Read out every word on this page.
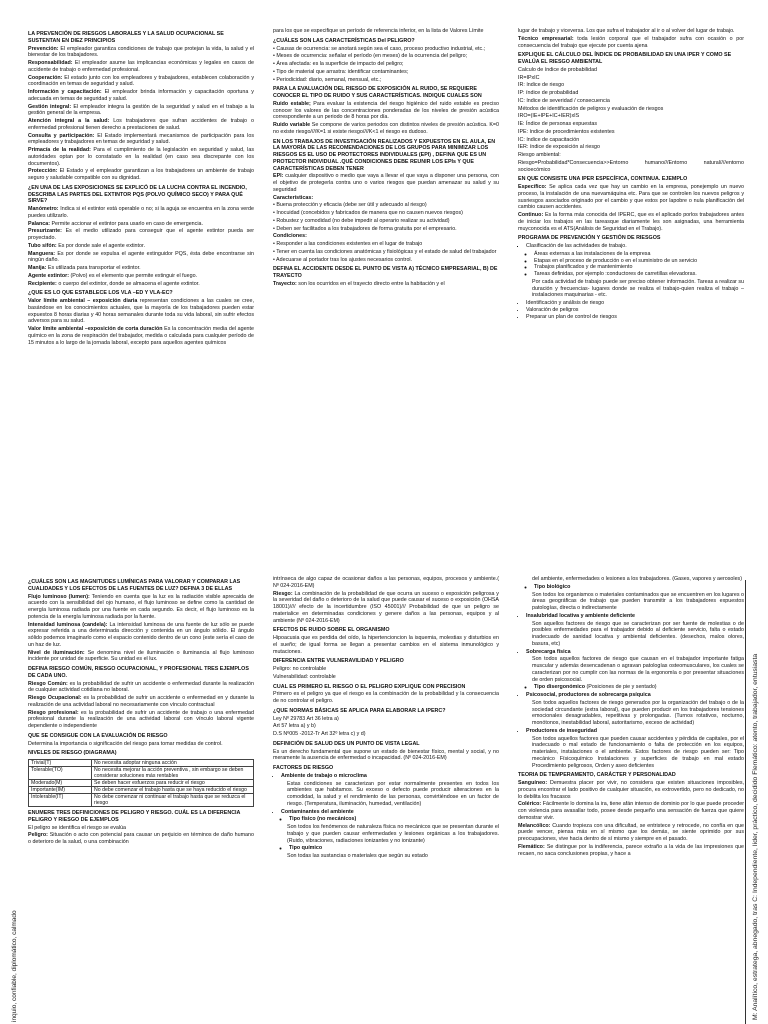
LA PREVENCIÓN DE RIESGOS LABORALES Y LA SALUD OCUPACIONAL SE SUSTENTAN EN DIEZ PRINCIPIOS

Prevención: El empleador garantiza condiciones de trabajo que protejan la vida, la salud y el bienestar de los trabajadores.

Responsabilidad: El empleador asume las implicancias económicas y legales en casos de accidente de trabajo o enfermedad profesional.

Cooperación: El estado junto con los empleadores y trabajadores, establecen colaboración y coordinación en temas de seguridad y salud.

Información y capacitación: El empleador brinda información y capacitación oportuna y adecuada en temas de seguridad y salud.

Gestión integral: El empleador integra la gestión de la seguridad y salud en el trabajo a la gestión general de la empresa.

Atención integral a la salud: Los trabajadores que sufran accidentes de trabajo o enfermedad profesional tienen derecho a prestaciones de salud.

Consulta y participación: El Estado implementará mecanismos de participación para los empleadores y trabajadores en temas de seguridad y salud.

Primacía de la realidad: Para el cumplimiento de la legislación en seguridad y salud, las autoridades optan por lo constatado en la realidad (en caso sea discrepante con los documentos).

Protección: El Estado y el empleador garantizan a los trabajadores un ambiente de trabajo seguro y saludable compatible con su dignidad.

¿EN UNA DE LAS EXPOSICIONES SE EXPLICÓ DE LA LUCHA CONTRA EL INCENDIO, DESCRIBA LAS PARTES DEL EXTINTOR PQS (POLVO QUÍMICO SECO) Y PARA QUÉ SIRVE?

Manómetro: Indica si el extintor está operable o no; si la aguja se encuentra en la zona verde puedes utilizarlo.

Palanca: Permite accionar el extintor para usarlo en caso de emergencia.

Presurizante: Es el medio utilizado para conseguir que el agente extintor pueda ser proyectado.

Tubo sifón: Es por donde sale el agente extintor.

Manguera: Es por donde se expulsa el agente extinguidor PQS, ésta debe encontrarse sin ningún daño.

Manija: Es utilizada para transportar el extintor.

Agente extintor: (Polvo) es el elemento que permite extinguir el fuego.

Recipiente: o cuerpo del extintor, donde se almacena el agente extintor.

¿QUE ES LO QUE ESTABLECE LOS VLA –ED Y VLA-EC?

Valor límite ambiental – exposición diaria representan condiciones a las cuales se cree, basándose en los conocimientos actuales, que la mayoría de los trabajadores pueden estar expuestos 8 horas diarias y 40 horas semanales durante toda su vida laboral, sin sufrir efectos adversos para su salud.

Valor límite ambiental –exposición de corta duración Es la concentración media del agente químico en la zona de respiración del trabajador, medida o calculada para cualquier período de 15 minutos a lo largo de la jornada laboral, excepto para aquellos agentes químicos

para los que se especifique un período de referencia inferior, en la lista de Valores Límite

¿CUÁLES SON LAS CARACTERÍSTICAS Del PELIGRO?

• Causas de ocurrencia: se anotará según sea el caso, proceso productivo industrial, etc.;

• Meses de ocurrencia: señalar el período (en meses) de la ocurrencia del peligro;

• Área afectada: es la superficie de impacto del peligro;

• Tipo de material que arrastra: identificar contaminantes;

• Periodicidad: diario, semanal, mensual, etc.;

PARA LA EVALUACIÓN DEL RIESGO DE EXPOSICIÓN AL RUIDO, SE REQUIERE CONOCER EL TIPO DE RUIDO Y SUS CARACTERÍSTICAS. INDIQUE CUALES SON

Ruido estable; Para evaluar la existencia del riesgo higiénico del ruido estable es preciso conocer los valores de las concentraciones ponderadas de los niveles de presión acústica correspondiente a un periodo de 8 horas por día.

Ruido variable Se compone de varios periodos con distintos niveles de presión acústica. K=0 no existe riesgo////K=1 si existe riesgo////K<1 el riesgo es dudoso.

EN LOS TRABAJOS DE INVESTIGACIÓN REALIZADOS Y EXPUESTOS EN EL AULA, EN LA MAYORÍA DE LAS RECOMENDACIONES DE LOS GRUPOS PARA MINIMIZAR LOS RIESGOS ES EL USO DE PROTECTORES INDIVIDUALES (EPI) , DEFINA QUE ES UN PROTECTOR INDIVIDUAL .QUÉ CONDICIONES DEBE REUNIR LOS EPIs Y QUE CARACTERÍSTICAS DEBEN TENER

EPI: cualquier dispositivo o medio que vaya a llevar el que vaya a disponer una persona, con el objetivo de protegerla contra uno o varios riesgos que puedan amenazar su salud y su seguridad

Características:

• Buena protección y eficacia (debe ser útil y adecuado al riesgo)

• Inocuidad (concebidos y fabricados de manera que no causen nuevos riesgos)

• Robustez y comodidad (no debe impedir al operario realizar su actividad)

• Deben ser facilitados a los trabajadores de forma gratuita por el empresario.

Condiciones:

• Responder a las condiciones existentes en el lugar de trabajo

• Tener en cuenta las condiciones anatómicas y fisiológicas y el estado de salud del trabajador

• Adecuarse al portador tras los ajustes necesarios control.

DEFINA EL ACCIDENTE DESDE EL PUNTO DE VISTA A) TÉCNICO EMPRESARIAL, B) DE TRAYECTO

Trayecto: son los ocurridos en el trayecto directo entre la habitación y el

lugar de trabajo y viceversa. Los que sufra el trabajador al ir o al volver del lugar de trabajo.

Técnico empresarial: toda lesión corporal que el trabajador sufra con ocasión o por consecuencia del trabajo que ejecute por cuenta ajena

EXPLIQUE EL CÁLCULO DEL ÍNDICE DE PROBABILIDAD EN UNA IPER Y COMO SE EVALÚA EL RIESGO AMBIENTAL

Calculo de índice de probabilidad

IR=IPxIC

IR: índice de riesgo

IP: índice de probabilidad

IC: índice de severidad / consecuencia

Métodos de identificación de peligros y evaluación de riesgos

IRO=(IE+IPE+IC+IER)xIS

IE: Índice de personas expuestas

IPE: índice de procedimientos existentes

IC: índice de capacitación

IER: índice de exposición al riesgo

Riesgo ambiental:

Riesgo=Probabilidad*Consecuencia>>Entorno humano///Entorno natural////entorno socioecómico

EN QUE CONSISTE UNA IPER ESPECÍFICA, CONTINUA. EJEMPLO

Específico: Se aplica cada vez que hay un cambio en la empresa, ponejemplo un nuevo proceso, la instalación de una nuevamáquina etc. Para que se controlen los nuevos peligros y susriesgos asociados originado por el cambio y que estos por lapobre o nula planificación del cambio causen accidentes.

Continuo: Es la forma más conocida del IPERC, que es el aplicado porlos trabajadores antes de iniciar los trabajos en las tareasque diariamente les son asignadas, una herramienta muyconocida es el ATS(Análisis de Seguridad en el Trabajo).

PROGRAMA DE PREVENCIÓN Y GESTIÓN DE RIESGOS
▪ Clasificación de las actividades de trabajo.
◦ Áreas externas a las instalaciones de la empresa
◦ Etapas en el proceso de producción o en el suministro de un servicio
◦ Trabajos planificados y de mantenimiento
◦ Tareas definidas, por ejemplo :conductores de carretillas elevadoras.

Por cada actividad de trabajo puede ser preciso obtener información. Tareas a realizar su duración y frecuencias- lugares donde se realiza el trabajo-quien realiza el trabajo –instalaciones maquinarias - etc.

• Identificación y análisis de riesgo
• Valoración de peligros
• Preparar un plan de control de riesgos
¿CUÁLES SON LAS MAGNITUDES LUMÍNICAS PARA VALORAR Y COMPARAR LAS CUALIDADES Y LOS EFECTOS DE LAS FUENTES DE LUZ? DEFINA 3 DE ELLAS

Flujo luminoso (lumen): Teniendo en cuenta que la luz es la radiación visible aprecaida de acuerdo con la sensibilidad del ojo humano, el flujo luminoso se define como la cantidad de energía luminosa radiada por una fuente en cada segundo. Es decir, el flujo luminoso es la potencia de la energía luminosa radiada por la fuente.

Intensidad luminosa (candela): La intensidad luminosa de una fuente de luz sólo se puede expresar referida a una determinada dirección y contenida en un ángulo sólido. El ángulo sólido podemos imaginarlo como el espacio contenido dentro de un cono (este sería el caso de un haz de luz.

Nivel de iluminación: Se denomina nivel de iluminación o iluminancia al flujo luminoso incidente por unidad de superficie. Su unidad es el lux.

DEFINA RIESGO COMÚN, RIESGO OCUPACIONAL, Y PROFESIONAL TRES EJEMPLOS DE CADA UNO.

Riesgo Común: es la probabilidad de sufrir un accidente o enfermedad durante la realización de cualquier actividad cotidiana no laboral.

Riesgo Ocupacional: es la probabilidad de sufrir un accidente o enfermedad en y durante la realización de una actividad laboral no necesariamente con vínculo contractual

Riesgo profesional: es la probabilidad de sufrir un accidente de trabajo o una enfermedad profesional durante la realización de una actividad laboral con vínculo laboral vigente dependiente o independiente

QUE SE CONSIGUE CON LA EVALUACIÓN DE RIESGO

Determina la importancia o significación del riesgo para tomar medidas de control.

NIVELES DE RIESGO (DIAGRAMA)
Trivial(T)	No necesita adoptar ninguna acción
Tolerable(TO)	No necesita mejorar la acción preventiva , sin embargo se deben considerar soluciones más rentables
Moderado(M)	Se deben hacer esfuerzos para reducir el riesgo
Importante(IM)	No debe comenzar el trabajo hasta que se haya reducido el riesgo
Intolerable(IT)	No debe comenzar ni continuar el trabajo hasta que se reduzca el riesgo
ENUMERE TRES DEFINICIONES DE PELIGRO Y RIESGO. CUÁL ES LA DIFERENCIA PELIGRO Y RIESGO DE EJEMPLOS

El peligro se identifica el riesgo se evalúa

Peligro: Situación o acto con potencial para causar un perjuicio en términos de daño humano o deterioro de la salud, o una combinación

intrínseca de algo capaz de ocasionar daños a las personas, equipos, procesos y ambiente.( Nº 024-2016-EM)

Riesgo: La combinación de la probabilidad de que ocurra un suceso o exposición peligrosa y la severidad del daño o deterioro de la salud que puede causar el suceso o exposición (OHSA 18001)//// efecto de la incertidumbre (ISO 45001)/// Probabilidad de que un peligro se materialice en determinadas condiciones y genere daños a las personas, equipos y al ambiente (Nº 024-2016-EM)

EFECTOS DE RUIDO SOBRE EL ORGANISMO

Hipoacusia que es perdida del oído, la hipertencioncion la isquemia, molestias y disturbios en el sueño; de igual forma se llegan a presentar cambios en el sistema inmunológico y mutaciones.

DIFERENCIA ENTRE VULNERAVILIDAD Y PELIGRO

Peligro: no controlable

Vulnerabilidad: controlable

CUAL ES PRIMERO EL RIESGO O EL PELIGRO EXPLIQUE CON PRECISION

Primero es el peligro ya que el riesgo es la combinación de la probabilidad y la consecuencia de no controlar el peligro.

¿QUE NORMAS BÁSICAS SE APLICA PARA ELABORAR LA IPERC?

Ley Nº 29783 Art 36 letra a)

Art 57 letra a) y b)

D.S Nº005 -2012-Tr Art 32º letra c) y d)

DEFINICIÓN DE SALUD DES UN PUNTO DE VISTA LEGAL

Es un derecho fundamental que supone un estado de bienestar físico, mental y social, y no meramente la ausencia de enfermedad o incapacidad. (Nº 024-2016-EM)

FACTORES DE RIESGO
• Ambiente de trabajo o microclima

Estas condiciones se caracterizan por estar normalmente presentes en todos los ambientes que habitamos. Su exceso o defecto puede producir alteraciones en la comodidad, la salud y el rendimiento de las personas, convirtiéndose en un factor de riesgo. (Temperatura, iluminación, humedad, ventilación)

• Contaminantes del ambiente
◦ Tipo físico (no mecánicos)

Son todos los fenómenos de naturaleza física no mecánicos que se presentan durante el trabajo y que pueden causar enfermedades y lesiones orgánicas a los trabajadores. (Ruido, vibraciones, radiaciones ionizantes y no ionizante)

◦ Tipo químico

Son todas las sustancias o materiales que según su estado

del ambiente, enfermedades o lesiones a los trabajadores. (Gases, vapores y aerosoles)

◦ Tipo biológico

Son todos los organismos o materiales contaminados que se encuentren en los lugares o áreas geográficas de trabajo que pueden transmitir a los trabajadores expuestos patologías, directa o indirectamente

• Insalubridad locativa y ambiente deficiente

Son aquellos factores de riesgo que se caracterizan por ser fuente de molestias o de posibles enfermedades para el trabajador debido al deficiente servicio, falta o estado inadecuado de sanidad locativa y ambiental deficientes. (desechos, malos olores, basura, etc)

• Sobrecarga física

Son todos aquellos factores de riesgo que causan en el trabajador importante fatiga muscular y además desencadenan o agravan patologías osteomusculares, los cuales se caracterizan por no cumplir con las normas de la ergonomía o por presentar situaciones de orden psicosocial.

◦ Tipo disergonómico (Posiciones de pie y sentado)
• Psicosocial, productores de sobrecarga psíquica

Son todos aquellos factores de riesgo generados por la organización del trabajo o de la sociedad circundante (extra laboral), que pueden producir en los trabajadores tensiones emocionales desagradables, repetitivas y prolongadas. (Turnos rotativos, nocturno, monótonos, inestabilidad laboral, autoritarismo, exceso de actividad)

• Productores de inseguridad

Son todos aquellos factores que pueden causar accidentes y pérdida de capitales, por el inadecuado o mal estado de funcionamiento o falta de protección en los equipos, materiales, instalaciones o el ambiente. Estos factores de riesgo pueden ser: Tipo mecánico Físicoquímico Instalaciones y superficies de trabajo en mal estado Procedimiento peligrosos, Orden y aseo deficientes

TEORIA DE TEMPERAMENTO, CARÁCTER Y PERSONALIDAD

Sanguíneo: Demuestra placer por vivir, no considera que existen situaciones imposibles, procura encontrar el lado positivo de cualquier situación, es extrovertido, pero no dedicado, no lo debilita los fracasos

Colérico: Fácilmente lo domina la ira, tiene afán intenso de dominio por lo que puede proceder con violencia para avasallar todo, posee desde pequeño una sensación de fuerza que quiere demostrar vivir.

Melancólico: Cuando tropieza con una dificultad, se entristece y retrocede, no confía en que puede vencer, piensa más en sí mismo que los demás, se siente oprimido por sus preocupaciones, vive hacia dentro de sí mismo y siempre en el pasado.

Flemático: Se distingue por la indiferencia, parece extraño a la vida de las impresiones que recaen, no saca conclusiones propias, y hace a

inquio, confiable, diplomático, calmado	M: Analítico, estratega, abnegado, tras C: Independiente, líder, práctico, decidido Flemático: atento, trabajador, entusiasta
